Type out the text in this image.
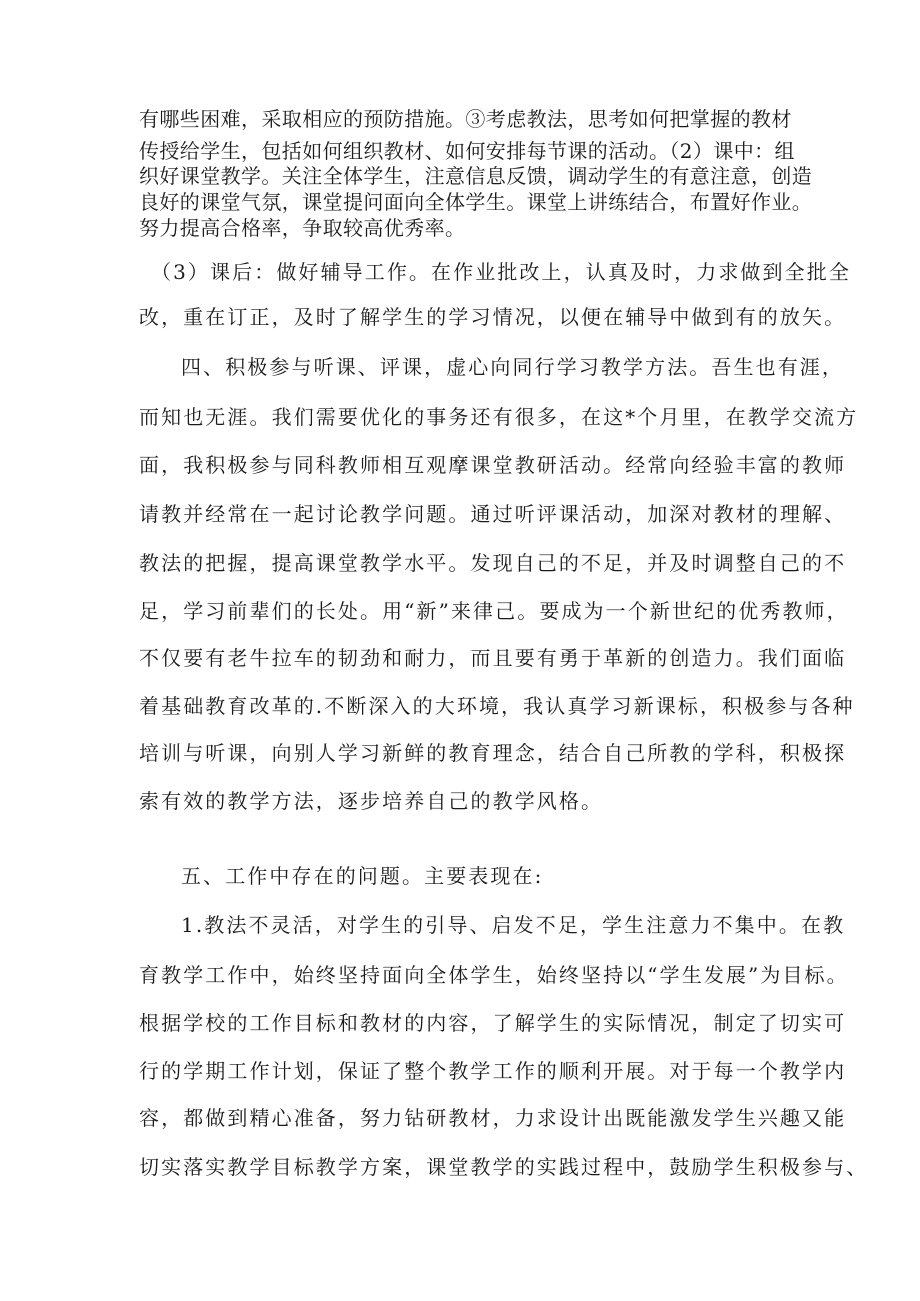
有哪些困难，采取相应的预防措施。③考虑教法，思考如何把掌握的教材
传授给学生，包括如何组织教材、如何安排每节课的活动。（2）课中：组
织好课堂教学。关注全体学生，注意信息反馈，调动学生的有意注意，创造
良好的课堂气氛，课堂提问面向全体学生。课堂上讲练结合，布置好作业。
努力提高合格率，争取较高优秀率。
（3）课后：做好辅导工作。在作业批改上，认真及时，力求做到全批全
改，重在订正，及时了解学生的学习情况，以便在辅导中做到有的放矢。
四、积极参与听课、评课，虚心向同行学习教学方法。吾生也有涯，
而知也无涯。我们需要优化的事务还有很多，在这*个月里，在教学交流方
面，我积极参与同科教师相互观摩课堂教研活动。经常向经验丰富的教师
请教并经常在一起讨论教学问题。通过听评课活动，加深对教材的理解、
教法的把握，提高课堂教学水平。发现自己的不足，并及时调整自己的不
足，学习前辈们的长处。用“新”来律己。要成为一个新世纪的优秀教师，
不仅要有老牛拉车的韧劲和耐力，而且要有勇于革新的创造力。我们面临
着基础教育改革的.不断深入的大环境，我认真学习新课标，积极参与各种
培训与听课，向别人学习新鲜的教育理念，结合自己所教的学科，积极探
索有效的教学方法，逐步培养自己的教学风格。
五、工作中存在的问题。主要表现在:
1.教法不灵活，对学生的引导、启发不足，学生注意力不集中。在教
育教学工作中，始终坚持面向全体学生，始终坚持以“学生发展”为目标。
根据学校的工作目标和教材的内容，了解学生的实际情况，制定了切实可
行的学期工作计划，保证了整个教学工作的顺利开展。对于每一个教学内
容，都做到精心准备，努力钻研教材，力求设计出既能激发学生兴趣又能
切实落实教学目标教学方案，课堂教学的实践过程中，鼓励学生积极参与、
